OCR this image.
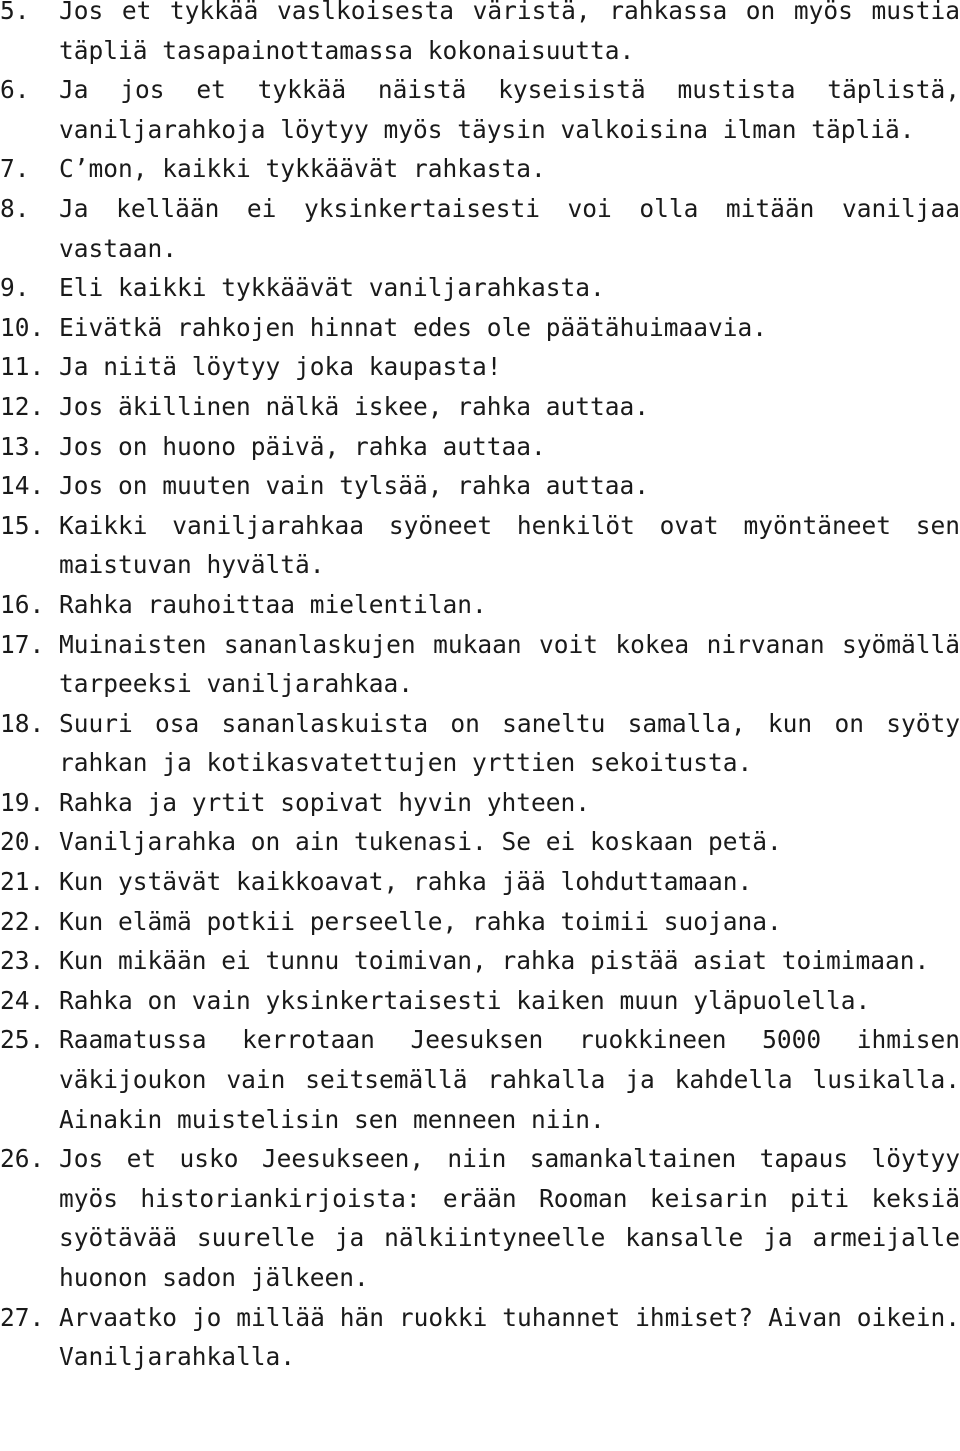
5.	Jos et tykkää vaslkoisesta väristä, rahkassa on myös mustia täpliä tasapainottamassa kokonaisuutta.
6.	Ja jos et tykkää näistä kyseisistä mustista täplistä, vaniljarahkoja löytyy myös täysin valkoisina ilman täpliä.
7.	C’mon, kaikki tykkäävät rahkasta.
8.	Ja kellään ei yksinkertaisesti voi olla mitään vaniljaa vastaan.
9.	Eli kaikki tykkäävät vaniljarahkasta.
10. Eivätkä rahkojen hinnat edes ole päätähuimaavia.
11. Ja niitä löytyy joka kaupasta!
12. Jos äkillinen nälkä iskee, rahka auttaa.
13. Jos on huono päivä, rahka auttaa.
14. Jos on muuten vain tylsää, rahka auttaa.
15. Kaikki vaniljarahkaa syöneet henkilöt ovat myöntäneet sen maistuvan hyvältä.
16. Rahka rauhoittaa mielentilan.
17. Muinaisten sananlaskujen mukaan voit kokea nirvanan syömällä tarpeeksi vaniljarahkaa.
18. Suuri osa sananlaskuista on saneltu samalla, kun on syöty rahkan ja kotikasvatettujen yrttien sekoitusta.
19. Rahka ja yrtit sopivat hyvin yhteen.
20. Vaniljarahka on ain tukenasi. Se ei koskaan petä.
21. Kun ystävät kaikkoavat, rahka jää lohduttamaan.
22. Kun elämä potkii perseelle, rahka toimii suojana.
23. Kun mikään ei tunnu toimivan, rahka pistää asiat toimimaan.
24. Rahka on vain yksinkertaisesti kaiken muun yläpuolella.
25. Raamatussa kerrotaan Jeesuksen ruokkineen 5000 ihmisen väkijoukon vain seitsemällä rahkalla ja kahdella lusikalla. Ainakin muistelisin sen menneen niin.
26. Jos et usko Jeesukseen, niin samankaltainen tapaus löytyy myös historiankirjoista: erään Rooman keisarin piti keksiä syötävää suurelle ja nälkiintyneelle kansalle ja armeijalle huonon sadon jälkeen.
27. Arvaatko jo millää hän ruokki tuhannet ihmiset? Aivan oikein. Vaniljarahkalla.
